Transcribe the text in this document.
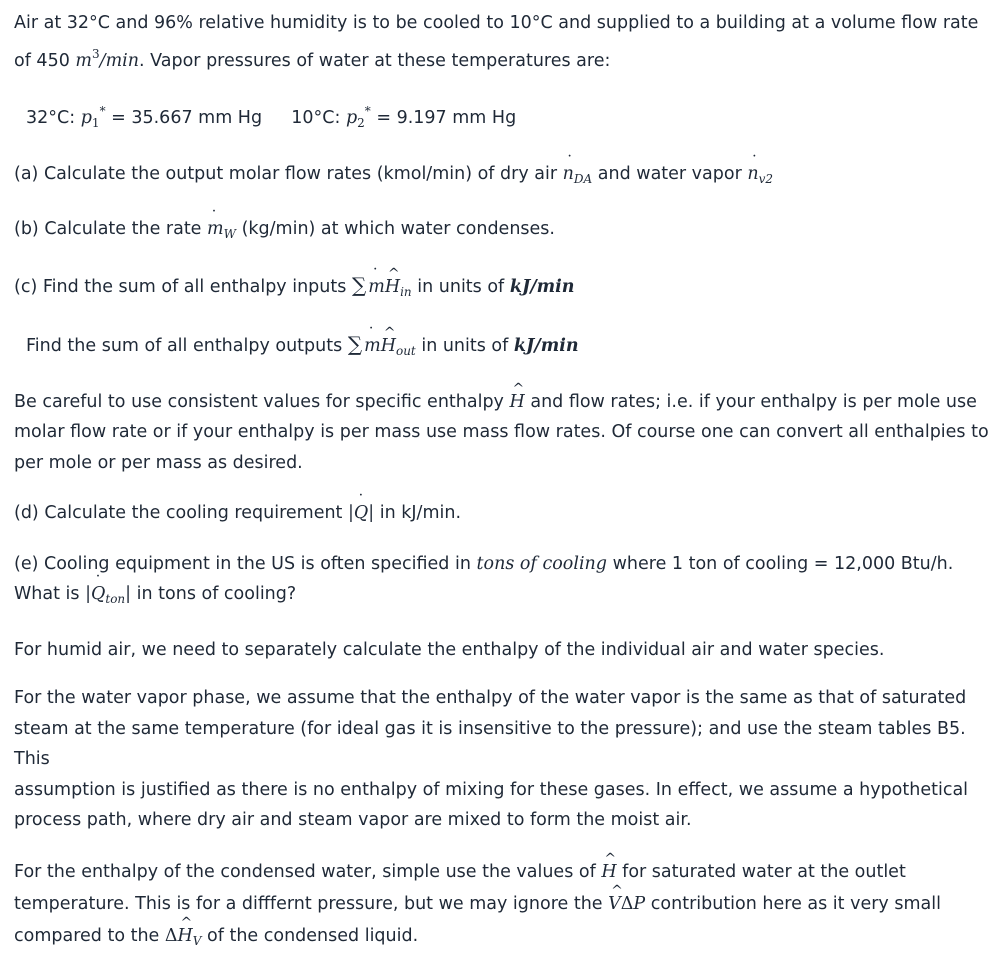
Air at 32°C and 96% relative humidity is to be cooled to 10°C and supplied to a building at a volume flow rate
of 450 $m^3/\min$. Vapor pressures of water at these temperatures are:

32°C: $p_1^* = 35.667$ mm Hg 10°C: $p_2^* = 9.197$ mm Hg

(a) Calculate the output molar flow rates (kmol/min) of dry air ˙ $n_{DA}$ and water vapor ˙ $n_{v2}$

(b) Calculate the rate ˙ $m_W$ (kg/min) at which water condenses.

(c) Find the sum of all enthalpy inputs ∑ ˙ m^ $H_{in}$ in units of kJ/min

Find the sum of all enthalpy outputs ∑ ˙ m^ $H_{out}$ in units of kJ/min

Be careful to use consistent values for specific enthalpy ^ H and flow rates; i.e. if your enthalpy is per mole use
molar flow rate or if your enthalpy is per mass use mass flow rates. Of course one can convert all enthalpies to
per mole or per mass as desired.

(d) Calculate the cooling requirement |˙ Q| in kJ/min.

(e) Cooling equipment in the US is often specified in tons of cooling where 1 ton of cooling = 12,000 Btu/h.
What is |˙ $Q_{ton}|$ in tons of cooling?

For humid air, we need to separately calculate the enthalpy of the individual air and water species.

For the water vapor phase, we assume that the enthalpy of the water vapor is the same as that of saturated
steam at the same temperature (for ideal gas it is insensitive to the pressure); and use the steam tables B5. This
assumption is justified as there is no enthalpy of mixing for these gases. In effect, we assume a hypothetical
process path, where dry air and steam vapor are mixed to form the moist air.

For the enthalpy of the condensed water, simple use the values of ^ H for saturated water at the outlet
temperature. This is for a difffernt pressure, but we may ignore the ^ VΔP contribution here as it very small
compared to the Δ^ $H_V$ of the condensed liquid.
